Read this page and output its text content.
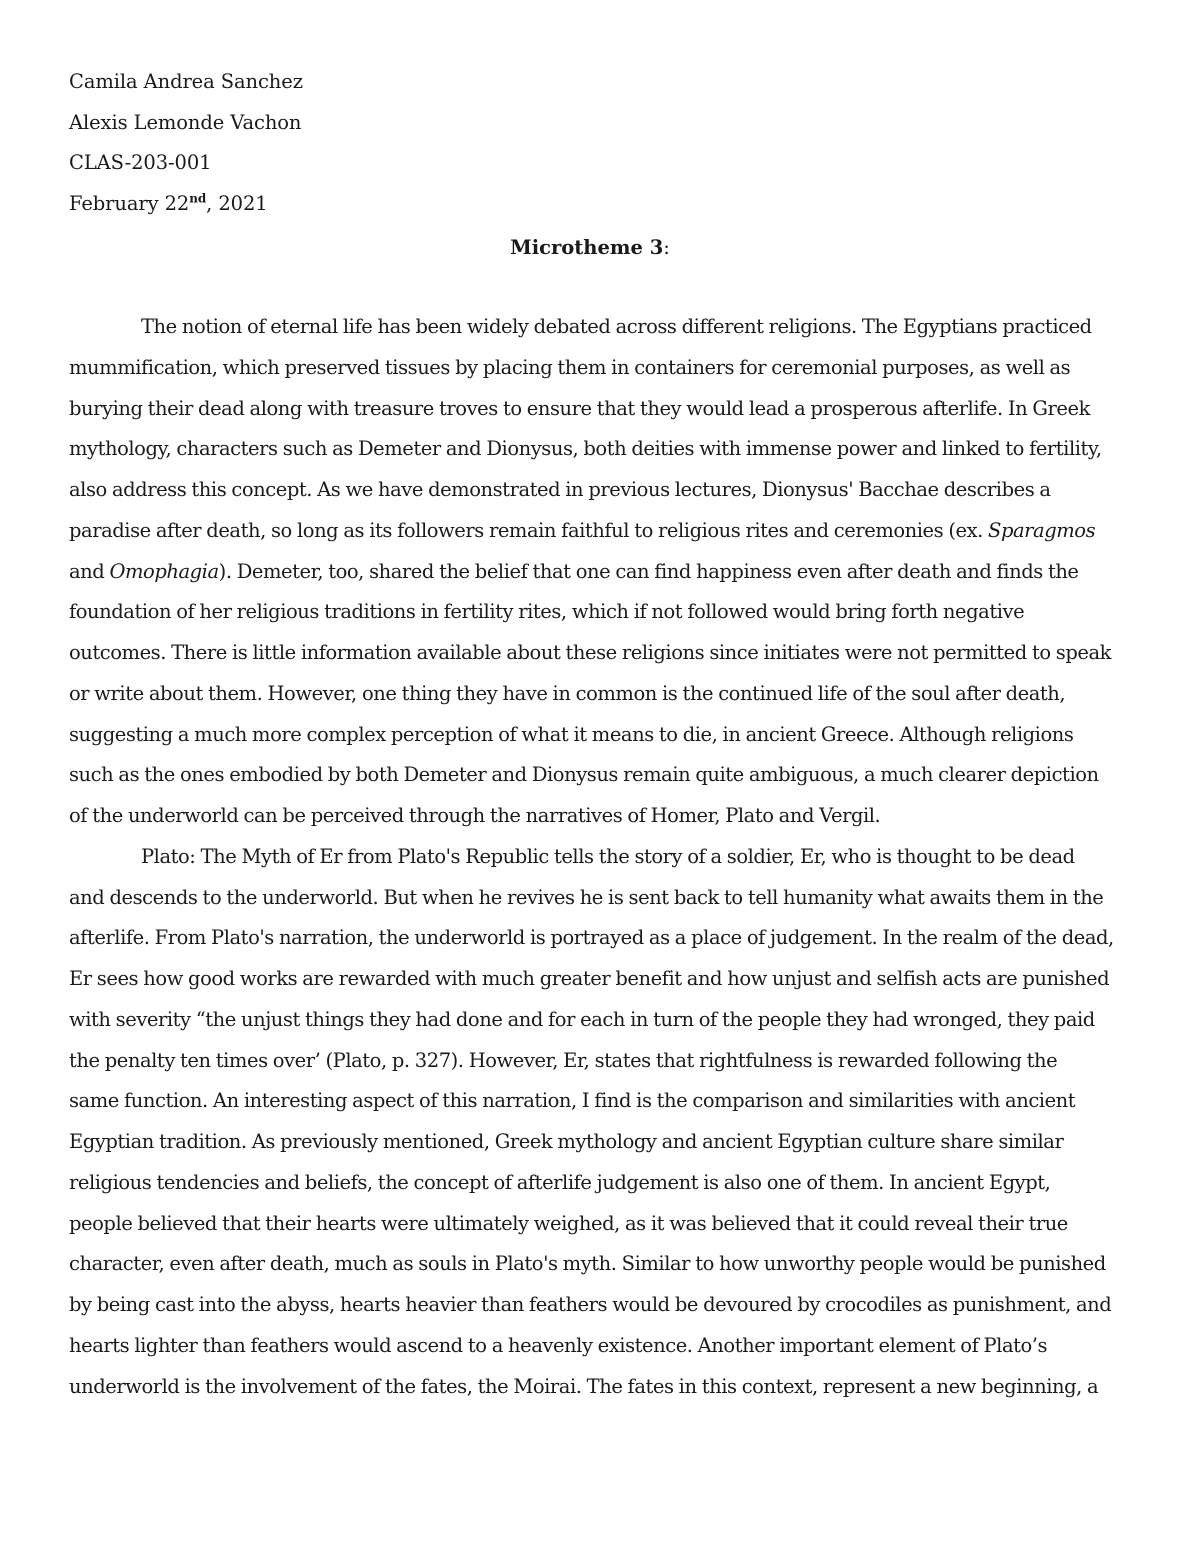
Camila Andrea Sanchez
Alexis Lemonde Vachon
CLAS-203-001
February 22nd, 2021
Microtheme 3:
The notion of eternal life has been widely debated across different religions. The Egyptians practiced
mummification, which preserved tissues by placing them in containers for ceremonial purposes, as well as
burying their dead along with treasure troves to ensure that they would lead a prosperous afterlife. In Greek
mythology, characters such as Demeter and Dionysus, both deities with immense power and linked to fertility,
also address this concept. As we have demonstrated in previous lectures, Dionysus' Bacchae describes a
paradise after death, so long as its followers remain faithful to religious rites and ceremonies (ex. Sparagmos
and Omophagia). Demeter, too, shared the belief that one can find happiness even after death and finds the
foundation of her religious traditions in fertility rites, which if not followed would bring forth negative
outcomes. There is little information available about these religions since initiates were not permitted to speak
or write about them. However, one thing they have in common is the continued life of the soul after death,
suggesting a much more complex perception of what it means to die, in ancient Greece. Although religions
such as the ones embodied by both Demeter and Dionysus remain quite ambiguous, a much clearer depiction
of the underworld can be perceived through the narratives of Homer, Plato and Vergil.
Plato: The Myth of Er from Plato's Republic tells the story of a soldier, Er, who is thought to be dead
and descends to the underworld. But when he revives he is sent back to tell humanity what awaits them in the
afterlife. From Plato's narration, the underworld is portrayed as a place of judgement. In the realm of the dead,
Er sees how good works are rewarded with much greater benefit and how unjust and selfish acts are punished
with severity “the unjust things they had done and for each in turn of the people they had wronged, they paid
the penalty ten times over’ (Plato, p. 327). However, Er, states that rightfulness is rewarded following the
same function. An interesting aspect of this narration, I find is the comparison and similarities with ancient
Egyptian tradition. As previously mentioned, Greek mythology and ancient Egyptian culture share similar
religious tendencies and beliefs, the concept of afterlife judgement is also one of them. In ancient Egypt,
people believed that their hearts were ultimately weighed, as it was believed that it could reveal their true
character, even after death, much as souls in Plato's myth. Similar to how unworthy people would be punished
by being cast into the abyss, hearts heavier than feathers would be devoured by crocodiles as punishment, and
hearts lighter than feathers would ascend to a heavenly existence. Another important element of Plato’s
underworld is the involvement of the fates, the Moirai. The fates in this context, represent a new beginning, a
